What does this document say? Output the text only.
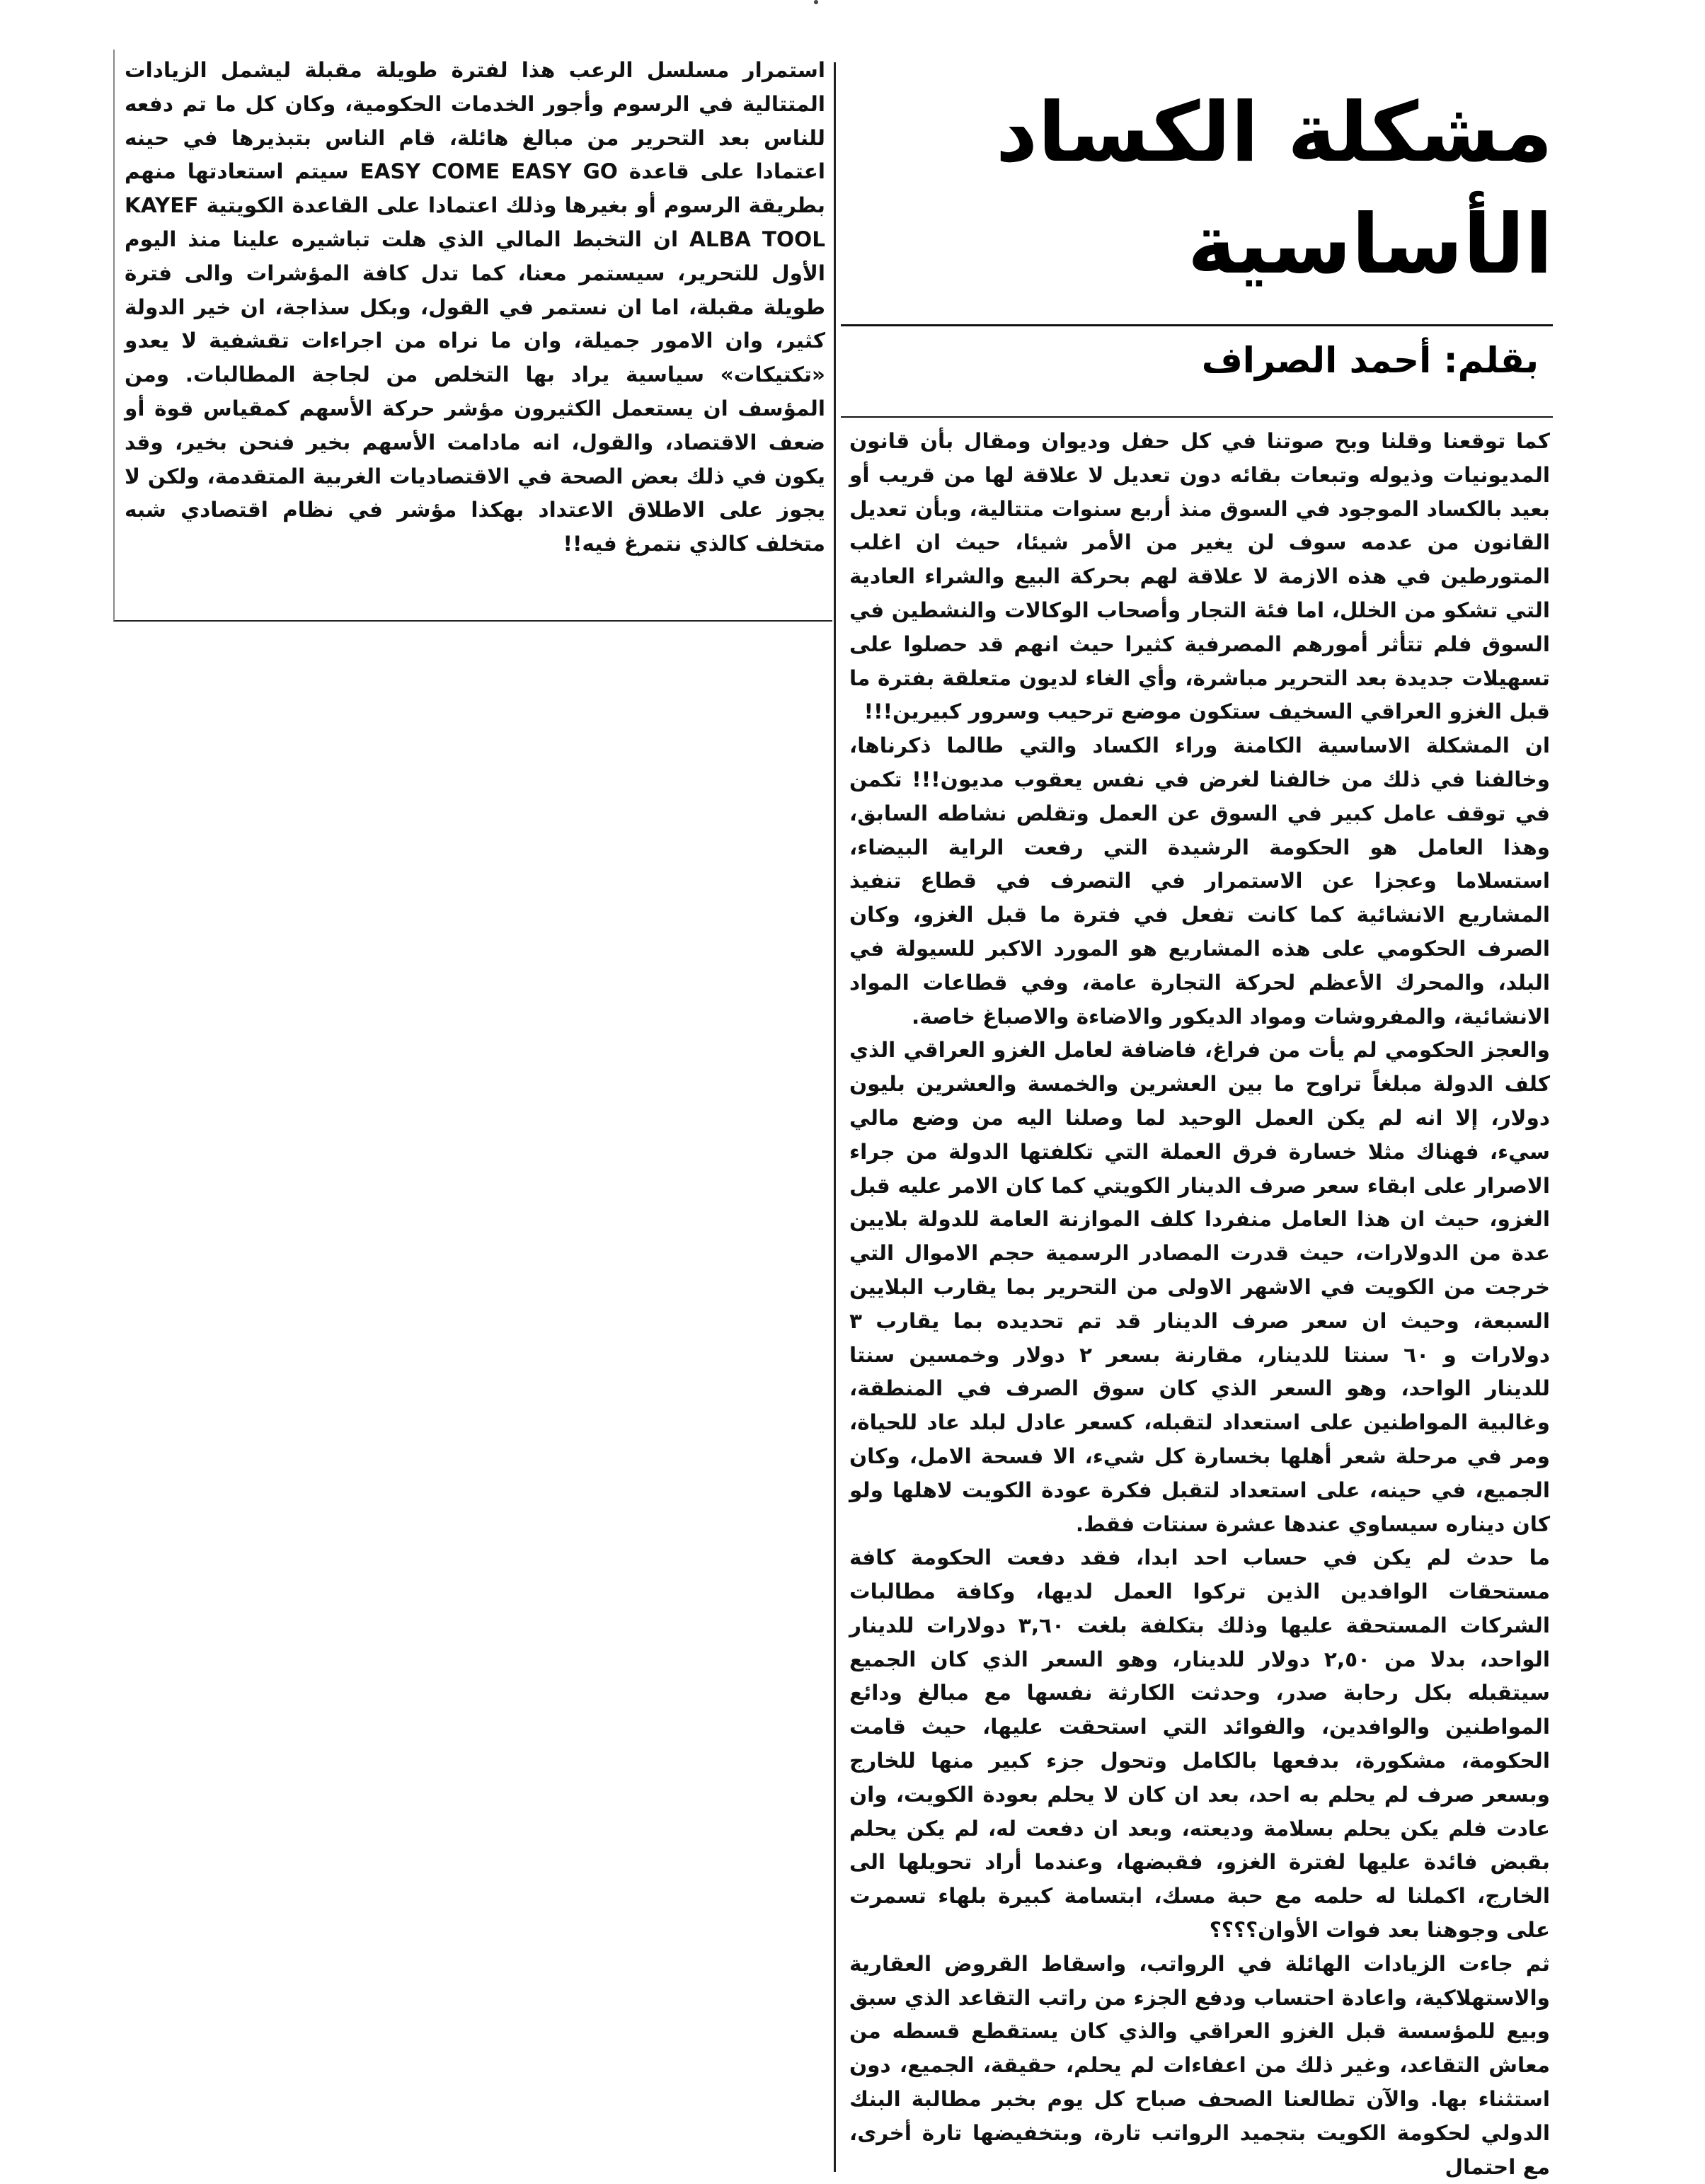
مشكلة الكساد
الأساسية
بقلم: أحمد الصراف

كما توقعنا وقلنا وبح صوتنا في كل حفل وديوان ومقال بأن قانون المديونيات وذيوله وتبعات بقائه دون تعديل لا علاقة لها من قريب أو بعيد بالكساد الموجود في السوق منذ أربع سنوات متتالية، وبأن تعديل القانون من عدمه سوف لن يغير من الأمر شيئا، حيث ان اغلب المتورطين في هذه الازمة لا علاقة لهم بحركة البيع والشراء العادية التي تشكو من الخلل، اما فئة التجار وأصحاب الوكالات والنشطين في السوق فلم تتأثر أمورهم المصرفية كثيرا حيث انهم قد حصلوا على تسهيلات جديدة بعد التحرير مباشرة، وأي الغاء لديون متعلقة بفترة ما قبل الغزو العراقي السخيف ستكون موضع ترحيب وسرور كبيرين!!!

ان المشكلة الاساسية الكامنة وراء الكساد والتي طالما ذكرناها، وخالفنا في ذلك من خالفنا لغرض في نفس يعقوب مديون!!! تكمن في توقف عامل كبير في السوق عن العمل وتقلص نشاطه السابق، وهذا العامل هو الحكومة الرشيدة التي رفعت الراية البيضاء، استسلاما وعجزا عن الاستمرار في التصرف في قطاع تنفيذ المشاريع الانشائية كما كانت تفعل في فترة ما قبل الغزو، وكان الصرف الحكومي على هذه المشاريع هو المورد الاكبر للسيولة في البلد، والمحرك الأعظم لحركة التجارة عامة، وفي قطاعات المواد الانشائية، والمفروشات ومواد الديكور والاضاءة والاصباغ خاصة.

والعجز الحكومي لم يأت من فراغ، فاضافة لعامل الغزو العراقي الذي كلف الدولة مبلغاً تراوح ما بين العشرين والخمسة والعشرين بليون دولار، إلا انه لم يكن العمل الوحيد لما وصلنا اليه من وضع مالي سيء، فهناك مثلا خسارة فرق العملة التي تكلفتها الدولة من جراء الاصرار على ابقاء سعر صرف الدينار الكويتي كما كان الامر عليه قبل الغزو، حيث ان هذا العامل منفردا كلف الموازنة العامة للدولة بلايين عدة من الدولارات، حيث قدرت المصادر الرسمية حجم الاموال التي خرجت من الكويت في الاشهر الاولى من التحرير بما يقارب البلايين السبعة، وحيث ان سعر صرف الدينار قد تم تحديده بما يقارب ٣ دولارات و ٦٠ سنتا للدينار، مقارنة بسعر ٢ دولار وخمسين سنتا للدينار الواحد، وهو السعر الذي كان سوق الصرف في المنطقة، وغالبية المواطنين على استعداد لتقبله، كسعر عادل لبلد عاد للحياة، ومر في مرحلة شعر أهلها بخسارة كل شيء، الا فسحة الامل، وكان الجميع، في حينه، على استعداد لتقبل فكرة عودة الكويت لاهلها ولو كان ديناره سيساوي عندها عشرة سنتات فقط.

ما حدث لم يكن في حساب احد ابدا، فقد دفعت الحكومة كافة مستحقات الوافدين الذين تركوا العمل لديها، وكافة مطالبات الشركات المستحقة عليها وذلك بتكلفة بلغت ٣,٦٠ دولارات للدينار الواحد، بدلا من ٢,٥٠ دولار للدينار، وهو السعر الذي كان الجميع سيتقبله بكل رحابة صدر، وحدثت الكارثة نفسها مع مبالغ ودائع المواطنين والوافدين، والفوائد التي استحقت عليها، حيث قامت الحكومة، مشكورة، بدفعها بالكامل وتحول جزء كبير منها للخارج وبسعر صرف لم يحلم به احد، بعد ان كان لا يحلم بعودة الكويت، وان عادت فلم يكن يحلم بسلامة وديعته، وبعد ان دفعت له، لم يكن يحلم بقبض فائدة عليها لفترة الغزو، فقبضها، وعندما أراد تحويلها الى الخارج، اكملنا له حلمه مع حبة مسك، ابتسامة كبيرة بلهاء تسمرت على وجوهنا بعد فوات الأوان؟؟؟؟

ثم جاءت الزيادات الهائلة في الرواتب، واسقاط القروض العقارية والاستهلاكية، واعادة احتساب ودفع الجزء من راتب التقاعد الذي سبق وبيع للمؤسسة قبل الغزو العراقي والذي كان يستقطع قسطه من معاش التقاعد، وغير ذلك من اعفاءات لم يحلم، حقيقة، الجميع، دون استثناء بها. والآن تطالعنا الصحف صباح كل يوم بخبر مطالبة البنك الدولي لحكومة الكويت بتجميد الرواتب تارة، وبتخفيضها تارة أخرى، مع احتمال

استمرار مسلسل الرعب هذا لفترة طويلة مقبلة ليشمل الزيادات المتتالية في الرسوم وأجور الخدمات الحكومية، وكان كل ما تم دفعه للناس بعد التحرير من مبالغ هائلة، قام الناس بتبذيرها في حينه اعتمادا على قاعدة EASY COME EASY GO سيتم استعادتها منهم بطريقة الرسوم أو بغيرها وذلك اعتمادا على القاعدة الكويتية KAYEF ALBA TOOL ان التخبط المالي الذي هلت تباشيره علينا منذ اليوم الأول للتحرير، سيستمر معنا، كما تدل كافة المؤشرات والى فترة طويلة مقبلة، اما ان نستمر في القول، وبكل سذاجة، ان خير الدولة كثير، وان الامور جميلة، وان ما نراه من اجراءات تقشفية لا يعدو «تكتيكات» سياسية يراد بها التخلص من لجاجة المطالبات. ومن المؤسف ان يستعمل الكثيرون مؤشر حركة الأسهم كمقياس قوة أو ضعف الاقتصاد، والقول، انه مادامت الأسهم بخير فنحن بخير، وقد يكون في ذلك بعض الصحة في الاقتصاديات الغربية المتقدمة، ولكن لا يجوز على الاطلاق الاعتداد بهكذا مؤشر في نظام اقتصادي شبه متخلف كالذي نتمرغ فيه!!
